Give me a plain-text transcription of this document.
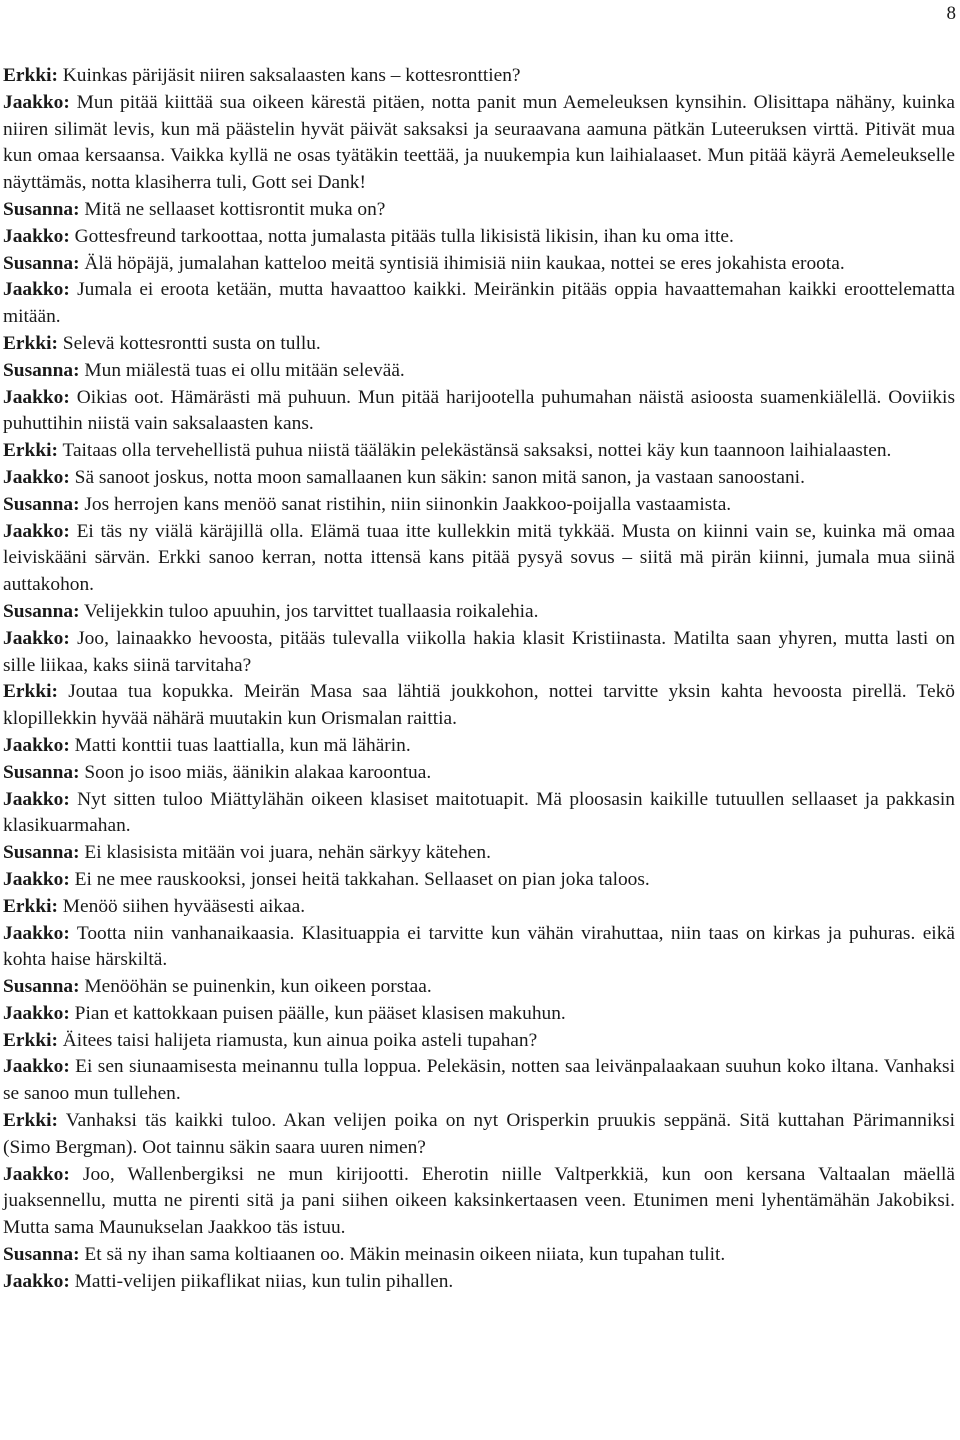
8

Erkki: Kuinkas pärijäsit niiren saksalaasten kans – kottesronttien?

Jaakko: Mun pitää kiittää sua oikeen kärestä pitäen, notta panit mun Aemeleuksen kynsihin. Olisittapa nähäny, kuinka niiren silimät levis, kun mä päästelin hyvät päivät saksaksi ja seuraavana aamuna pätkän Luteeruksen virttä. Pitivät mua kun omaa kersaansa. Vaikka kyllä ne osas tyätäkin teettää, ja nuukempia kun laihialaaset. Mun pitää käyrä Aemeleukselle näyttämäs, notta klasiherra tuli, Gott sei Dank!

Susanna: Mitä ne sellaaset kottisrontit muka on?

Jaakko: Gottesfreund tarkoottaa, notta jumalasta pitääs tulla likisistä likisin, ihan ku oma itte.

Susanna: Älä höpäjä, jumalahan katteloo meitä syntisiä ihimisiä niin kaukaa, nottei se eres jokahista eroota.

Jaakko: Jumala ei eroota ketään, mutta havaattoo kaikki. Meiränkin pitääs oppia havaattemahan kaikki eroottelematta mitään.

Erkki: Selevä kottesrontti susta on tullu.

Susanna: Mun miälestä tuas ei ollu mitään selevää.

Jaakko: Oikias oot. Hämärästi mä puhuun. Mun pitää harijootella puhumahan näistä asioosta suamenkiälellä. Ooviikis puhuttihin niistä vain saksalaasten kans.

Erkki: Taitaas olla tervehellistä puhua niistä tääläkin pelekästänsä saksaksi, nottei käy kun taannoon laihialaasten.

Jaakko: Sä sanoot joskus, notta moon samallaanen kun säkin: sanon mitä sanon, ja vastaan sanoostani.

Susanna: Jos herrojen kans menöö sanat ristihin, niin siinonkin Jaakkoo-poijalla vastaamista.

Jaakko: Ei täs ny viälä käräjillä olla. Elämä tuaa itte kullekkin mitä tykkää. Musta on kiinni vain se, kuinka mä omaa leiviskääni särvän. Erkki sanoo kerran, notta ittensä kans pitää pysyä sovus – siitä mä pirän kiinni, jumala mua siinä auttakohon.

Susanna: Velijekkin tuloo apuuhin, jos tarvittet tuallaasia roikalehia.

Jaakko: Joo, lainaakko hevoosta, pitääs tulevalla viikolla hakia klasit Kristiinasta. Matilta saan yhyren, mutta lasti on sille liikaa, kaks siinä tarvitaha?

Erkki: Joutaa tua kopukka. Meirän Masa saa lähtiä joukkohon, nottei tarvitte yksin kahta hevoosta pirellä. Tekö klopillekkin hyvää nähärä muutakin kun Orismalan raittia.

Jaakko: Matti konttii tuas laattialla, kun mä lähärin.

Susanna: Soon jo isoo miäs, äänikin alakaa karoontua.

Jaakko: Nyt sitten tuloo Miättylähän oikeen klasiset maitotuapit. Mä ploosasin kaikille tutuullen sellaaset ja pakkasin klasikuarmahan.

Susanna: Ei klasisista mitään voi juara, nehän särkyy kätehen.

Jaakko: Ei ne mee rauskooksi, jonsei heitä takkahan. Sellaaset on pian joka taloos.

Erkki: Menöö siihen hyvääsesti aikaa.

Jaakko: Tootta niin vanhanaikaasia. Klasituappia ei tarvitte kun vähän virahuttaa, niin taas on kirkas ja puhuras. eikä kohta haise härskiltä.

Susanna: Menööhän se puinenkin, kun oikeen porstaa.

Jaakko: Pian et kattokkaan puisen päälle, kun pääset klasisen makuhun.

Erkki: Äitees taisi halijeta riamusta, kun ainua poika asteli tupahan?

Jaakko: Ei sen siunaamisesta meinannu tulla loppua. Pelekäsin, notten saa leivänpalaakaan suuhun koko iltana. Vanhaksi se sanoo mun tullehen.

Erkki: Vanhaksi täs kaikki tuloo. Akan velijen poika on nyt Orisperkin pruukis seppänä. Sitä kuttahan Pärimanniksi (Simo Bergman). Oot tainnu säkin saara uuren nimen?

Jaakko: Joo, Wallenbergiksi ne mun kirijootti. Eherotin niille Valtperkkiä, kun oon kersana Valtaalan mäellä juaksennellu, mutta ne pirenti sitä ja pani siihen oikeen kaksinkertaasen veen. Etunimen meni lyhentämähän Jakobiksi. Mutta sama Maunukselan Jaakkoo täs istuu.

Susanna: Et sä ny ihan sama koltiaanen oo. Mäkin meinasin oikeen niiata, kun tupahan tulit.

Jaakko: Matti-velijen piikaflikat niias, kun tulin pihallen.
